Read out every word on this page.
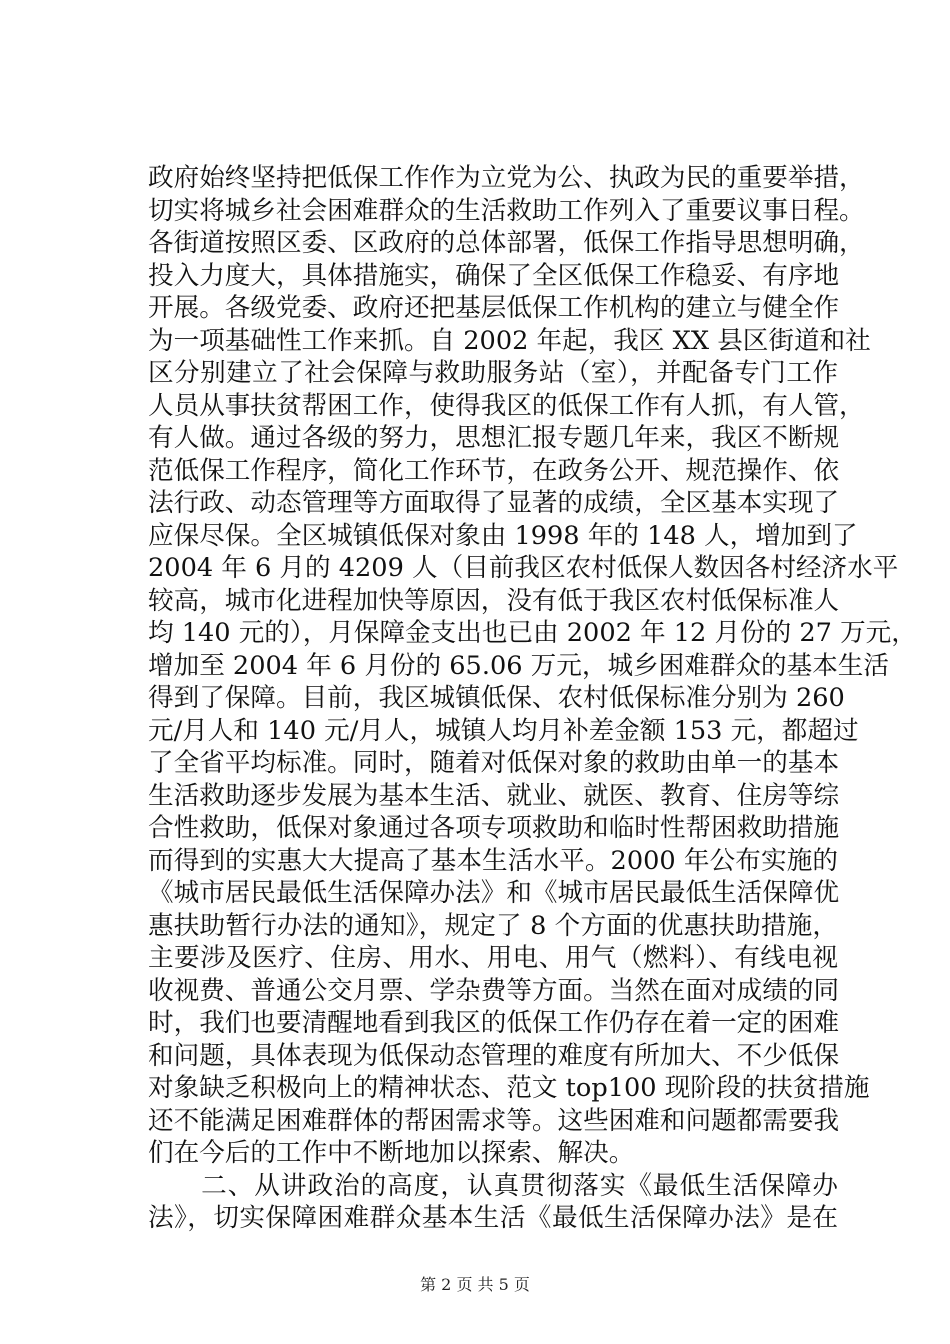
政府始终坚持把低保工作作为立党为公、执政为民的重要举措，
切实将城乡社会困难群众的生活救助工作列入了重要议事日程。
各街道按照区委、区政府的总体部署，低保工作指导思想明确，
投入力度大，具体措施实，确保了全区低保工作稳妥、有序地
开展。各级党委、政府还把基层低保工作机构的建立与健全作
为一项基础性工作来抓。自 2002 年起，我区 XX 县区街道和社
区分别建立了社会保障与救助服务站（室），并配备专门工作
人员从事扶贫帮困工作，使得我区的低保工作有人抓，有人管，
有人做。通过各级的努力，思想汇报专题几年来，我区不断规
范低保工作程序，简化工作环节，在政务公开、规范操作、依
法行政、动态管理等方面取得了显著的成绩，全区基本实现了
应保尽保。全区城镇低保对象由 1998 年的 148 人，增加到了
2004 年 6 月的 4209 人（目前我区农村低保人数因各村经济水平
较高，城市化进程加快等原因，没有低于我区农村低保标准人
均 140 元的），月保障金支出也已由 2002 年 12 月份的 27 万元，
增加至 2004 年 6 月份的 65.06 万元，城乡困难群众的基本生活
得到了保障。目前，我区城镇低保、农村低保标准分别为 260
元/月人和 140 元/月人，城镇人均月补差金额 153 元，都超过
了全省平均标准。同时，随着对低保对象的救助由单一的基本
生活救助逐步发展为基本生活、就业、就医、教育、住房等综
合性救助，低保对象通过各项专项救助和临时性帮困救助措施
而得到的实惠大大提高了基本生活水平。2000 年公布实施的
《城市居民最低生活保障办法》和《城市居民最低生活保障优
惠扶助暂行办法的通知》，规定了 8 个方面的优惠扶助措施，
主要涉及医疗、住房、用水、用电、用气（燃料）、有线电视
收视费、普通公交月票、学杂费等方面。当然在面对成绩的同
时，我们也要清醒地看到我区的低保工作仍存在着一定的困难
和问题，具体表现为低保动态管理的难度有所加大、不少低保
对象缺乏积极向上的精神状态、范文 top100 现阶段的扶贫措施
还不能满足困难群体的帮困需求等。这些困难和问题都需要我
们在今后的工作中不断地加以探索、解决。
　　二、从讲政治的高度，认真贯彻落实《最低生活保障办
法》，切实保障困难群众基本生活《最低生活保障办法》是在
第 2 页 共 5 页
